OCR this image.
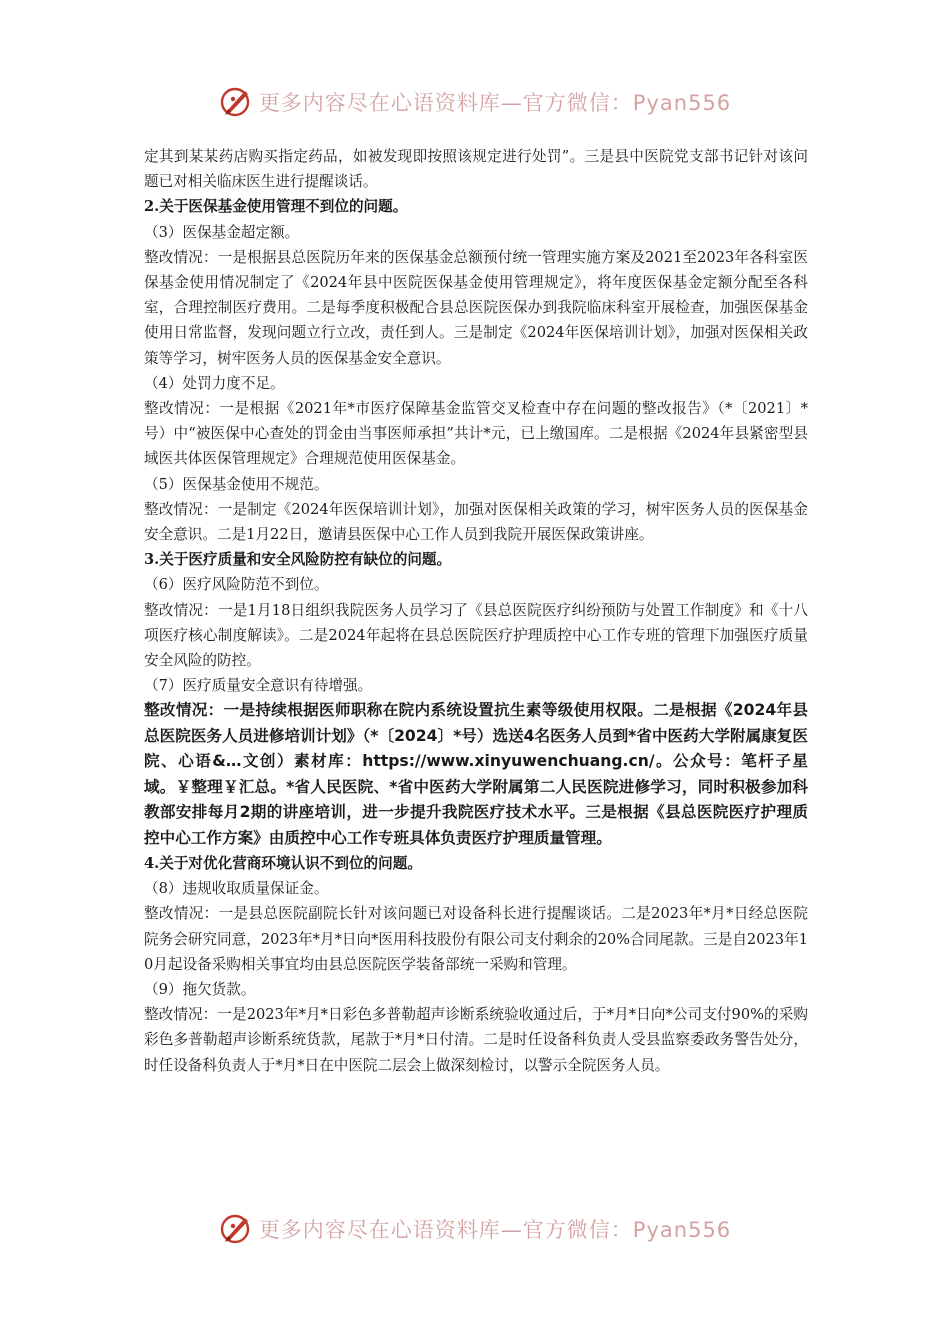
更多内容尽在心语资料库—官方微信：Pyan556

定其到某某药店购买指定药品，如被发现即按照该规定进行处罚”。三是县中医院党支部书记针对该问题已对相关临床医生进行提醒谈话。

2.关于医保基金使用管理不到位的问题。

（3）医保基金超定额。

整改情况：一是根据县总医院历年来的医保基金总额预付统一管理实施方案及2021至2023年各科室医保基金使用情况制定了《2024年县中医院医保基金使用管理规定》，将年度医保基金定额分配至各科室，合理控制医疗费用。二是每季度积极配合县总医院医保办到我院临床科室开展检查，加强医保基金使用日常监督，发现问题立行立改，责任到人。三是制定《2024年医保培训计划》，加强对医保相关政策等学习，树牢医务人员的医保基金安全意识。

（4）处罚力度不足。

整改情况：一是根据《2021年*市医疗保障基金监管交叉检查中存在问题的整改报告》（*〔2021〕*号）中“被医保中心查处的罚金由当事医师承担”共计*元，已上缴国库。二是根据《2024年县紧密型县域医共体医保管理规定》合理规范使用医保基金。

（5）医保基金使用不规范。

整改情况：一是制定《2024年医保培训计划》，加强对医保相关政策的学习，树牢医务人员的医保基金安全意识。二是1月22日，邀请县医保中心工作人员到我院开展医保政策讲座。

3.关于医疗质量和安全风险防控有缺位的问题。

（6）医疗风险防范不到位。

整改情况：一是1月18日组织我院医务人员学习了《县总医院医疗纠纷预防与处置工作制度》和《十八项医疗核心制度解读》。二是2024年起将在县总医院医疗护理质控中心工作专班的管理下加强医疗质量安全风险的防控。

（7）医疗质量安全意识有待增强。

整改情况：一是持续根据医师职称在院内系统设置抗生素等级使用权限。二是根据《2024年县总医院医务人员进修培训计划》（*〔2024〕*号）选送4名医务人员到*省中医药大学附属康复医院、心语&…文创）素材库：https://www.xinyuwenchuang.cn/。公众号：笔杆子星域。￥整理￥汇总。*省人民医院、*省中医药大学附属第二人民医院进修学习，同时积极参加科教部安排每月2期的讲座培训，进一步提升我院医疗技术水平。三是根据《县总医院医疗护理质控中心工作方案》由质控中心工作专班具体负责医疗护理质量管理。

4.关于对优化营商环境认识不到位的问题。

（8）违规收取质量保证金。

整改情况：一是县总医院副院长针对该问题已对设备科长进行提醒谈话。二是2023年*月*日经总医院院务会研究同意，2023年*月*日向*医用科技股份有限公司支付剩余的20%合同尾款。三是自2023年10月起设备采购相关事宜均由县总医院医学装备部统一采购和管理。

（9）拖欠货款。

整改情况：一是2023年*月*日彩色多普勒超声诊断系统验收通过后，于*月*日向*公司支付90%的采购彩色多普勒超声诊断系统货款，尾款于*月*日付清。二是时任设备科负责人受县监察委政务警告处分，时任设备科负责人于*月*日在中医院二层会上做深刻检讨，以警示全院医务人员。

更多内容尽在心语资料库—官方微信：Pyan556
